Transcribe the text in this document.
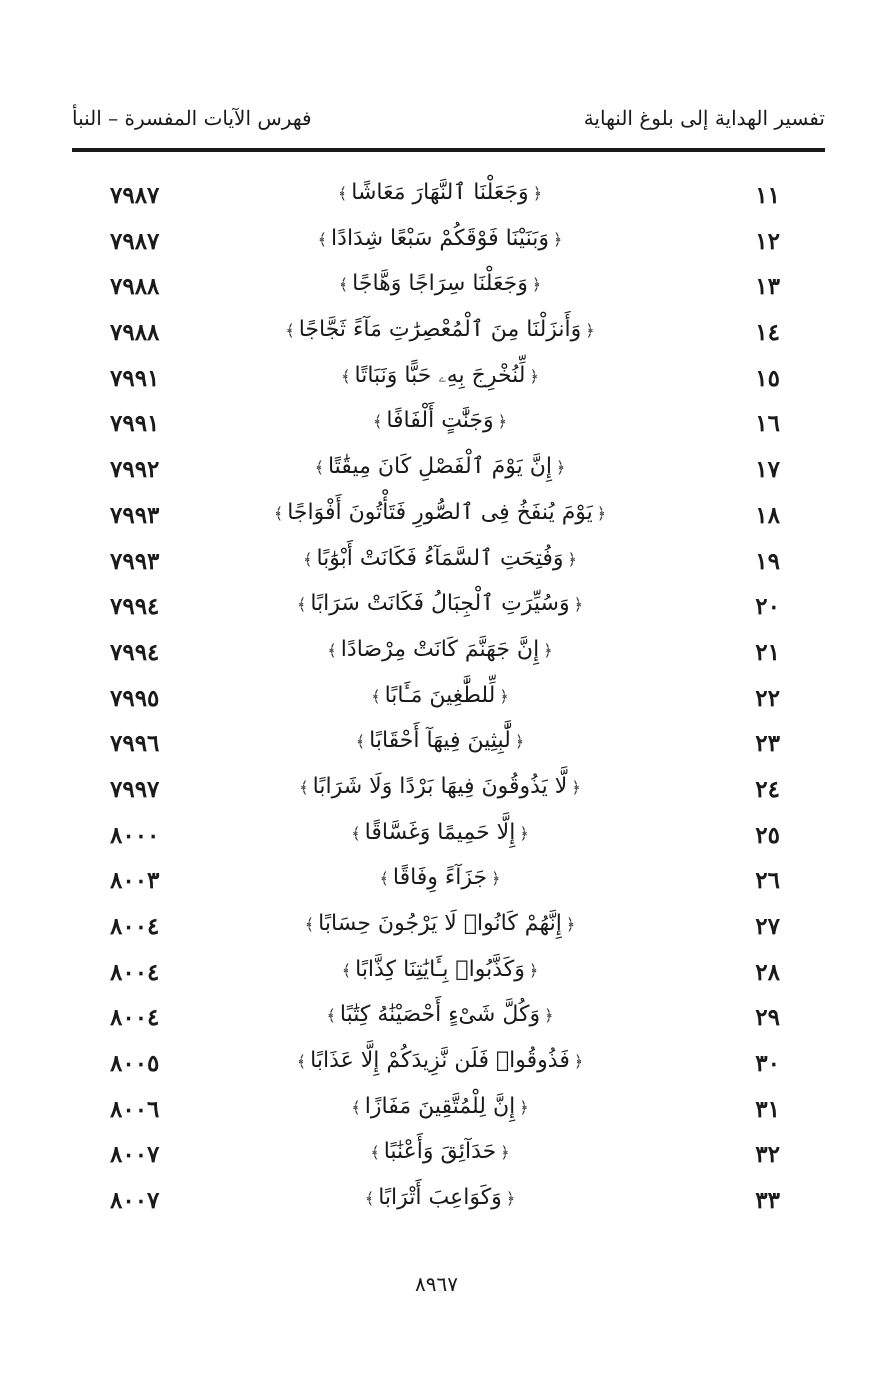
تفسير الهداية إلى بلوغ النهاية
فهرس الآيات المفسرة – النبأ
١١
﴿وَجَعَلْنَا ٱلنَّهَارَ مَعَاشًا﴾
٧٩٨٧
١٢
﴿وَبَنَيْنَا فَوْقَكُمْ سَبْعًا شِدَادًا﴾
٧٩٨٧
١٣
﴿وَجَعَلْنَا سِرَاجًا وَهَّاجًا﴾
٧٩٨٨
١٤
﴿وَأَنزَلْنَا مِنَ ٱلْمُعْصِرَٰتِ مَآءً ثَجَّاجًا﴾
٧٩٨٨
١٥
﴿لِّنُخْرِجَ بِهِۦ حَبًّا وَنَبَاتًا﴾
٧٩٩١
١٦
﴿وَجَنَّٰتٍ أَلْفَافًا﴾
٧٩٩١
١٧
﴿إِنَّ يَوْمَ ٱلْفَصْلِ كَانَ مِيقَٰتًا﴾
٧٩٩٢
١٨
﴿يَوْمَ يُنفَخُ فِى ٱلصُّورِ فَتَأْتُونَ أَفْوَاجًا﴾
٧٩٩٣
١٩
﴿وَفُتِحَتِ ٱلسَّمَآءُ فَكَانَتْ أَبْوَٰبًا﴾
٧٩٩٣
٢٠
﴿وَسُيِّرَتِ ٱلْجِبَالُ فَكَانَتْ سَرَابًا﴾
٧٩٩٤
٢١
﴿إِنَّ جَهَنَّمَ كَانَتْ مِرْصَادًا﴾
٧٩٩٤
٢٢
﴿لِّلطَّٰغِينَ مَـَٔابًا﴾
٧٩٩٥
٢٣
﴿لَّٰبِثِينَ فِيهَآ أَحْقَابًا﴾
٧٩٩٦
٢٤
﴿لَّا يَذُوقُونَ فِيهَا بَرْدًا وَلَا شَرَابًا﴾
٧٩٩٧
٢٥
﴿إِلَّا حَمِيمًا وَغَسَّاقًا﴾
٨٠٠٠
٢٦
﴿جَزَآءً وِفَاقًا﴾
٨٠٠٣
٢٧
﴿إِنَّهُمْ كَانُوا۟ لَا يَرْجُونَ حِسَابًا﴾
٨٠٠٤
٢٨
﴿وَكَذَّبُوا۟ بِـَٔايَٰتِنَا كِذَّابًا﴾
٨٠٠٤
٢٩
﴿وَكُلَّ شَىْءٍ أَحْصَيْنَٰهُ كِتَٰبًا﴾
٨٠٠٤
٣٠
﴿فَذُوقُوا۟ فَلَن نَّزِيدَكُمْ إِلَّا عَذَابًا﴾
٨٠٠٥
٣١
﴿إِنَّ لِلْمُتَّقِينَ مَفَازًا﴾
٨٠٠٦
٣٢
﴿حَدَآئِقَ وَأَعْنَٰبًا﴾
٨٠٠٧
٣٣
﴿وَكَوَاعِبَ أَتْرَابًا﴾
٨٠٠٧
٨٩٦٧
